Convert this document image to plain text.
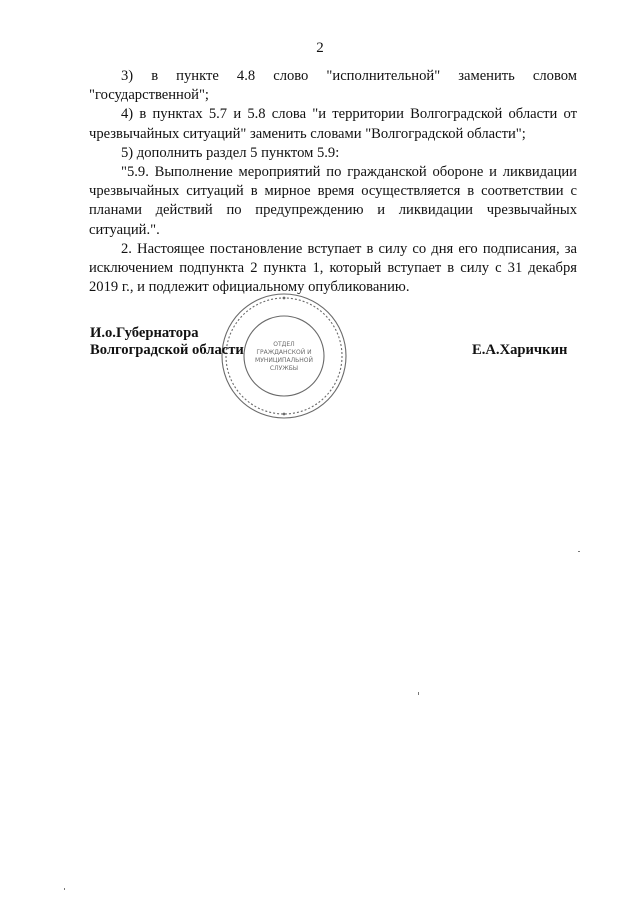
2

3) в пункте 4.8 слово "исполнительной" заменить словом "государственной";

4) в пунктах 5.7 и 5.8 слова "и территории Волгоградской области от чрезвычайных ситуаций" заменить словами "Волгоградской области";

5) дополнить раздел 5 пунктом 5.9:

"5.9. Выполнение мероприятий по гражданской обороне и ликвидации чрезвычайных ситуаций в мирное время осуществляется в соответствии с планами действий по предупреждению и ликвидации чрезвычайных ситуаций.".

2. Настоящее постановление вступает в силу со дня его подписания, за исключением подпункта 2 пункта 1, который вступает в силу с 31 декабря 2019 г., и подлежит официальному опубликованию.

ОТДЕЛ
ГРАЖДАНСКОЙ И
МУНИЦИПАЛЬНОЙ
СЛУЖБЫ
И.о.Губернатора
Волгоградской области	Е.А.Харичкин
